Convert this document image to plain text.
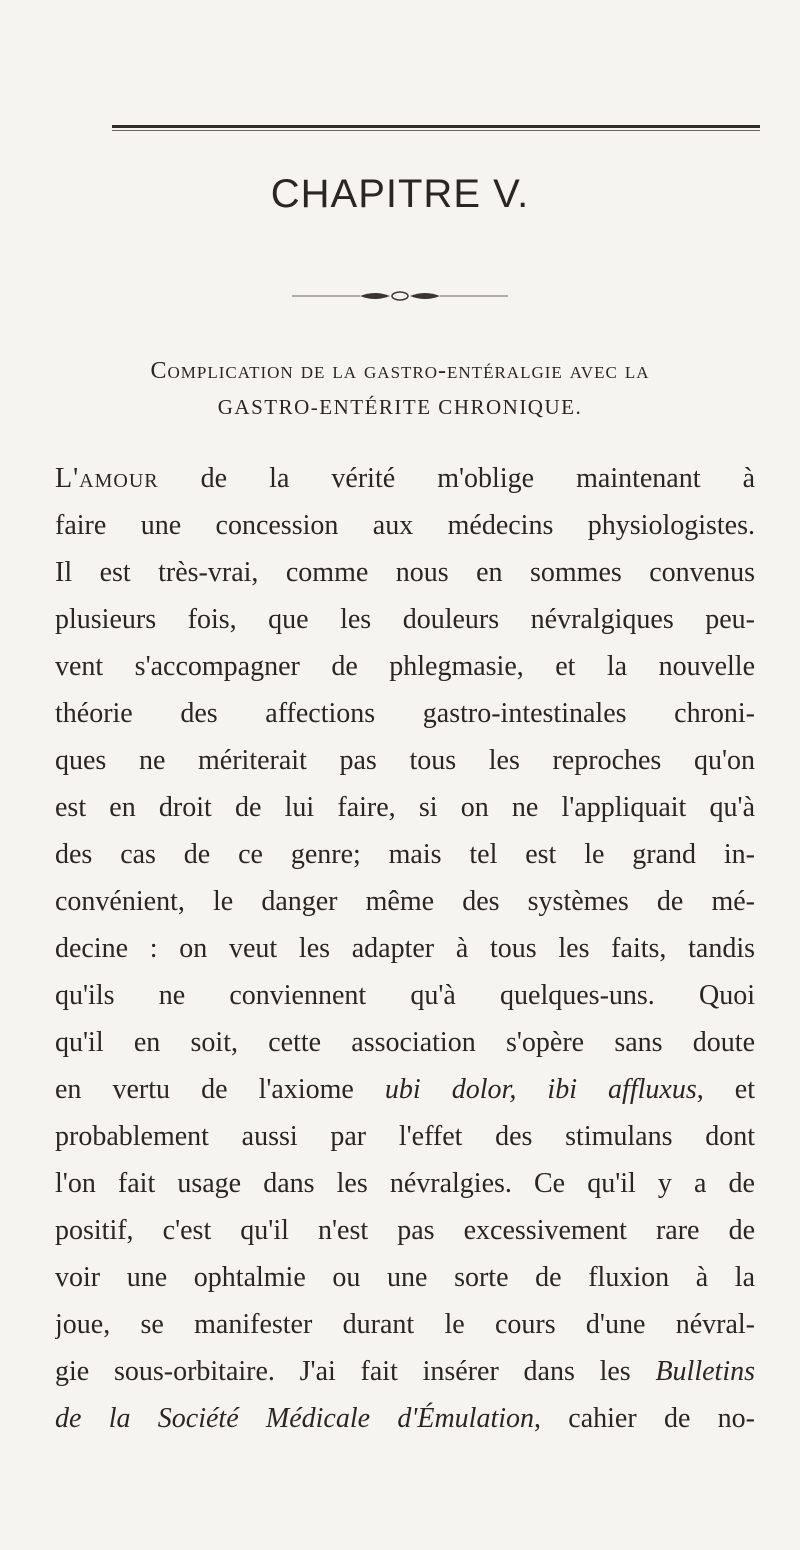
CHAPITRE V.
Complication de la gastro-entéralgie avec la
GASTRO-ENTÉRITE CHRONIQUE.
L'amour de la vérité m'oblige maintenant à
faire une concession aux médecins physiologistes.
Il est très-vrai, comme nous en sommes convenus
plusieurs fois, que les douleurs névralgiques peu-
vent s'accompagner de phlegmasie, et la nouvelle
théorie des affections gastro-intestinales chroni-
ques ne mériterait pas tous les reproches qu'on
est en droit de lui faire, si on ne l'appliquait qu'à
des cas de ce genre; mais tel est le grand in-
convénient, le danger même des systèmes de mé-
decine : on veut les adapter à tous les faits, tandis
qu'ils ne conviennent qu'à quelques-uns. Quoi
qu'il en soit, cette association s'opère sans doute
en vertu de l'axiome ubi dolor, ibi affluxus, et
probablement aussi par l'effet des stimulans dont
l'on fait usage dans les névralgies. Ce qu'il y a de
positif, c'est qu'il n'est pas excessivement rare de
voir une ophtalmie ou une sorte de fluxion à la
joue, se manifester durant le cours d'une névral-
gie sous-orbitaire. J'ai fait insérer dans les Bulletins
de la Société Médicale d'Émulation, cahier de no-
